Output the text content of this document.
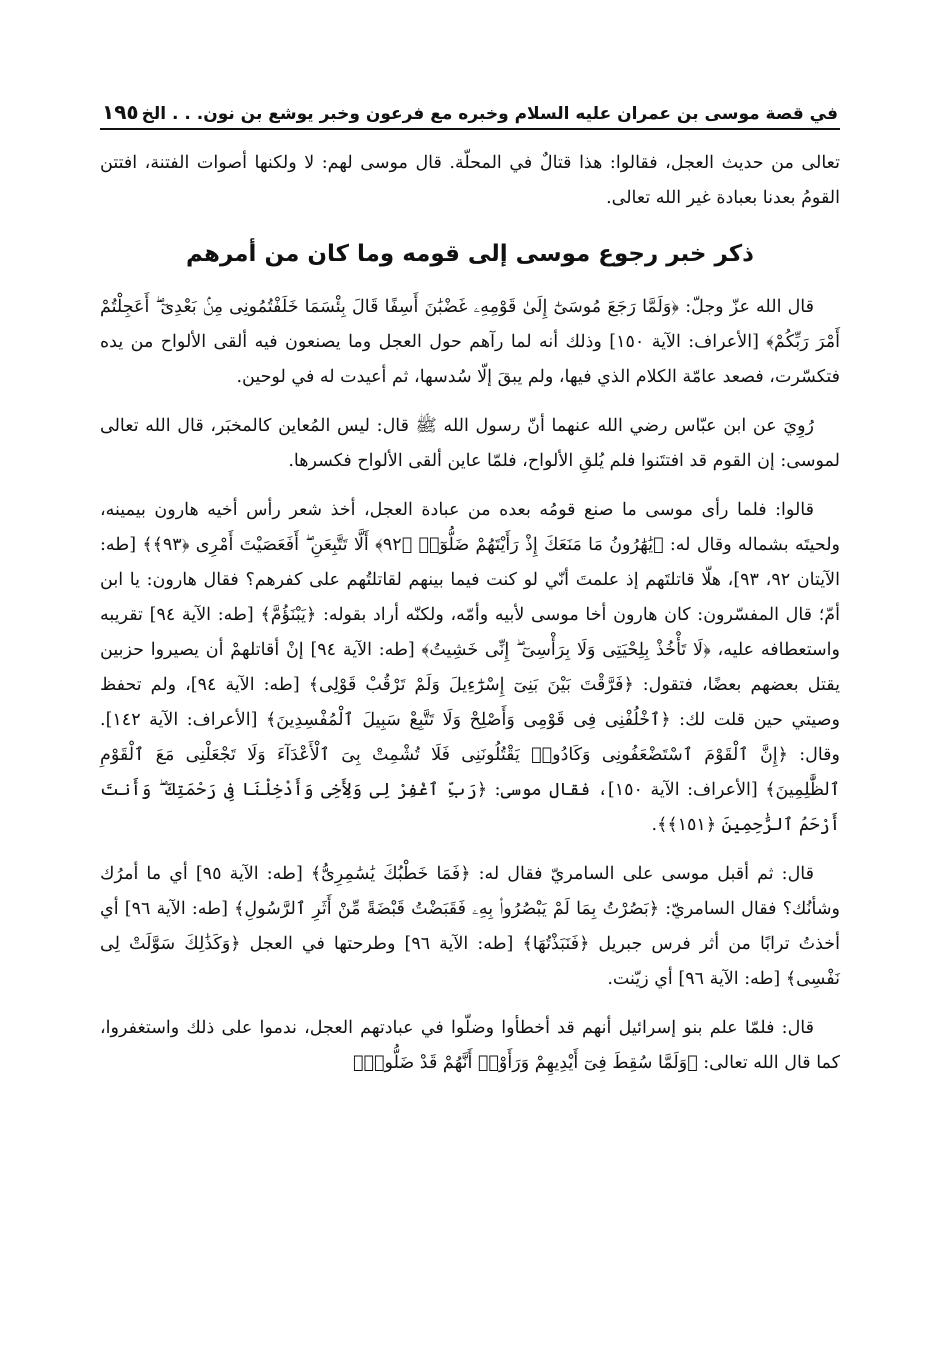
في قصة موسى بن عمران عليه السلام وخبره مع فرعون وخبر يوشع بن نون. . . الخ
١٩٥

تعالى من حديث العجل، فقالوا: هذا قتالٌ في المحلّة. قال موسى لهم: لا ولكنها أصوات الفتنة، افتتن القومُ بعدنا بعبادة غير الله تعالى.

ذكر خبر رجوع موسى إلى قومه وما كان من أمرهم

قال الله عزّ وجلّ: ﴿وَلَمَّا رَجَعَ مُوسَىٰٓ إِلَىٰ قَوْمِهِۦ غَضْبَٰنَ أَسِفًا قَالَ بِئْسَمَا خَلَفْتُمُونِى مِنۢ بَعْدِىٓ ۖ أَعَجِلْتُمْ أَمْرَ رَبِّكُمْ﴾ [الأعراف: الآية ١٥٠] وذلك أنه لما رآهم حول العجل وما يصنعون فيه ألقى الألواح من يده فتكسّرت، فصعد عامّة الكلام الذي فيها، ولم يبقَ إلّا سُدسها، ثم أعيدت له في لوحين.

رُوِيَ عن ابن عبّاس رضي الله عنهما أنّ رسول الله ﷺ قال: ليس المُعاين كالمخبَر، قال الله تعالى لموسى: إن القوم قد افتتَنوا فلم يُلقِ الألواح، فلمّا عاين ألقى الألواح فكسرها.

قالوا: فلما رأى موسى ما صنع قومُه بعده من عبادة العجل، أخذ شعر رأس أخيه هارون بيمينه، ولحيتَه بشماله وقال له: ﴿يَٰهَٰرُونُ مَا مَنَعَكَ إِذْ رَأَيْتَهُمْ ضَلُّوٓا۟ ﴿٩٢﴾ أَلَّا تَتَّبِعَنِ ۖ أَفَعَصَيْتَ أَمْرِى ﴿٩٣﴾﴾ [طه: الآيتان ٩٢، ٩٣]، هلّا قاتلتَهم إذ علمتَ أنّي لو كنت فيما بينهم لقاتلتُهم على كفرهم؟ فقال هارون: يا ابن أمّ؛ قال المفسّرون: كان هارون أخا موسى لأبيه وأمّه، ولكنّه أراد بقوله: ﴿يَبْنَؤُمَّ﴾ [طه: الآية ٩٤] تقريبه واستعطافه عليه، ﴿لَا تَأْخُذْ بِلِحْيَتِى وَلَا بِرَأْسِىٓ ۖ إِنِّى خَشِيتُ﴾ [طه: الآية ٩٤] إنْ أقاتلهمْ أن يصيروا حزبين يقتل بعضهم بعضًا، فتقول: ﴿فَرَّقْتَ بَيْنَ بَنِىٓ إِسْرَٰٓءِيلَ وَلَمْ تَرْقُبْ قَوْلِى﴾ [طه: الآية ٩٤]، ولم تحفظ وصيتي حين قلت لك: ﴿ٱخْلُفْنِى فِى قَوْمِى وَأَصْلِحْ وَلَا تَتَّبِعْ سَبِيلَ ٱلْمُفْسِدِينَ﴾ [الأعراف: الآية ١٤٢]. وقال: ﴿إِنَّ ٱلْقَوْمَ ٱسْتَضْعَفُونِى وَكَادُوا۟ يَقْتُلُونَنِى فَلَا تُشْمِتْ بِىَ ٱلْأَعْدَآءَ وَلَا تَجْعَلْنِى مَعَ ٱلْقَوْمِ ٱلظَّٰلِمِينَ﴾ [الأعراف: الآية ١٥٠]، فقال موسى: ﴿رَبِّ ٱغْفِرْ لِى وَلِأَخِى وَأَدْخِلْنَا فِى رَحْمَتِكَ ۖ وَأَنتَ أَرْحَمُ ٱلرَّٰحِمِينَ ﴿١٥١﴾﴾.

قال: ثم أقبل موسى على السامريّ فقال له: ﴿فَمَا خَطْبُكَ يَٰسَٰمِرِىُّ﴾ [طه: الآية ٩٥] أي ما أمرُك وشأنُك؟ فقال السامريّ: ﴿بَصُرْتُ بِمَا لَمْ يَبْصُرُوا۟ بِهِۦ فَقَبَضْتُ قَبْضَةً مِّنْ أَثَرِ ٱلرَّسُولِ﴾ [طه: الآية ٩٦] أي أخذتُ ترابًا من أثر فرس جبريل ﴿فَنَبَذْتُهَا﴾ [طه: الآية ٩٦] وطرحتها في العجل ﴿وَكَذَٰلِكَ سَوَّلَتْ لِى نَفْسِى﴾ [طه: الآية ٩٦] أي زيّنت.

قال: فلمّا علم بنو إسرائيل أنهم قد أخطأوا وضلّوا في عبادتهم العجل، ندموا على ذلك واستغفروا، كما قال الله تعالى: ﴿وَلَمَّا سُقِطَ فِىٓ أَيْدِيهِمْ وَرَأَوْا۟ أَنَّهُمْ قَدْ ضَلُّوا۟﴾
